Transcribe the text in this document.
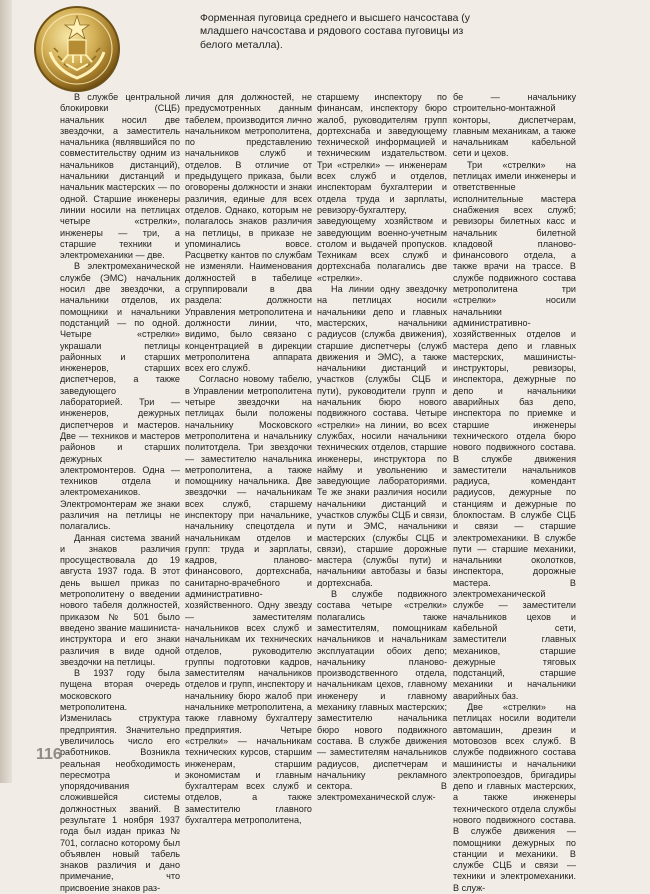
Форменная пуговица среднего и высшего начсостава (у младшего начсостава и рядового состава пуговицы из белого металла).

В службе центральной блокировки (СЦБ) начальник носил две звездочки, а заместитель начальника (являвшийся по совместительству одним из начальников дистанций), начальники дистанций и начальник мастерских — по одной. Старшие инженеры линии носили на петлицах четыре «стрелки», инженеры — три, а старшие техники и электромеханики — две.

В электромеханической службе (ЭМС) начальник носил две звездочки, а начальники отделов, их помощники и начальники подстанций — по одной. Четыре «стрелки» украшали петлицы районных и старших инженеров, старших диспетчеров, а также заведующего лабораторией. Три — инженеров, дежурных диспетчеров и мастеров. Две — техников и мастеров районов и старших дежурных электромонтеров. Одна — техников отдела и электромехаников. Электромонтерам же знаки различия на петлицы не полагались.

Данная система званий и знаков различия просуществовала до 19 августа 1937 года. В этот день вышел приказ по метрополитену о введении нового табеля должностей, приказом № 501 было введено звание машиниста-инструктора и его знаки различия в виде одной звездочки на петлицы.

В 1937 году была пущена вторая очередь московского метрополитена. Изменилась структура предприятия. Значительно увеличилось число его работников. Возникла реальная необходимость пересмотра и упорядочивания сложившейся системы должностных званий. В результате 1 ноября 1937 года был издан приказ № 701, согласно которому был объявлен новый табель знаков различия и дано примечание, что присвоение знаков раз-

личия для должностей, не предусмотренных данным табелем, производится лично начальником метрополитена, по представлению начальников служб и отделов. В отличие от предыдущего приказа, были оговорены должности и знаки различия, единые для всех отделов. Однако, которым не полагалось знаков различия на петлицы, в приказе не упоминались вовсе. Расцветку кантов по службам не изменяли. Наименования должностей в табелице сгруппировали в два раздела: должности Управления метрополитена и должности линии, что, видимо, было связано с концентрацией в дирекции метрополитена аппарата всех его служб.

Согласно новому табелю, в Управлении метрополитена четыре звездочки на петлицах были положены начальнику Московского метрополитена и начальнику политотдела. Три звездочки — заместителю начальника метрополитена, а также помощнику начальника. Две звездочки — начальникам всех служб, старшему инспектору при начальнике, начальнику спецотдела и начальникам отделов и групп: труда и зарплаты, кадров, планово-финансового, дортехснаба, санитарно-врачебного и административно-хозяйственного. Одну звезду — заместителям начальников всех служб и начальникам их технических отделов, руководителю группы подготовки кадров, заместителям начальников отделов и групп, инспектору и начальнику бюро жалоб при начальнике метрополитена, а также главному бухгалтеру предприятия. Четыре «стрелки» — начальникам технических курсов, старшим инженерам, старшим экономистам и главным бухгалтерам всех служб и отделов, а также заместителю главного бухгалтера метрополитена,

старшему инспектору по финансам, инспектору бюро жалоб, руководителям групп дортехснаба и заведующему технической информацией и техническим издательством. Три «стрелки» — инженерам всех служб и отделов, инспекторам бухгалтерии и отдела труда и зарплаты, ревизору-бухгалтеру, заведующему хозяйством и заведующим военно-учетным столом и выдачей пропусков. Техникам всех служб и дортехснаба полагались две «стрелки».

На линии одну звездочку на петлицах носили начальники депо и главных мастерских, начальники радиусов (служба движения), старшие диспетчеры (служб движения и ЭМС), а также начальники дистанций и участков (службы СЦБ и пути), руководители групп и начальник бюро нового подвижного состава. Четыре «стрелки» на линии, во всех службах, носили начальники технических отделов, старшие инженеры, инструктора по найму и увольнению и заведующие лабораториями. Те же знаки различия носили начальники дистанций и участков службы СЦБ и связи, пути и ЭМС, начальники мастерских (службы СЦБ и связи), старшие дорожные мастера (службы пути) и начальники автобазы и базы дортехснаба.

В службе подвижного состава четыре «стрелки» полагались также заместителям, помощникам начальников и начальникам эксплуатации обоих депо; начальнику планово-производственного отдела, начальникам цехов, главному инженеру и главному механику главных мастерских; заместителю начальника бюро нового подвижного состава. В службе движения — заместителям начальников радиусов, диспетчерам и начальнику рекламного сектора. В электромеханической служ-

бе — начальнику строительно-монтажной конторы, диспетчерам, главным механикам, а также начальникам кабельной сети и цехов.

Три «стрелки» на петлицах имели инженеры и ответственные исполнительные мастера снабжения всех служб; ревизоры билетных касс и начальник билетной кладовой планово-финансового отдела, а также врачи на трассе. В службе подвижного состава метрополитена три «стрелки» носили начальники административно-хозяйственных отделов и мастера депо и главных мастерских, машинисты-инструкторы, ревизоры, инспектора, дежурные по депо и начальники аварийных баз депо, инспектора по приемке и старшие инженеры технического отдела бюро нового подвижного состава. В службе движения заместители начальников радиуса, комендант радиусов, дежурные по станциям и дежурные по блокпостам. В службе СЦБ и связи — старшие электромеханики. В службе пути — старшие механики, начальники околотков, инспектора, дорожные мастера. В электромеханической службе — заместители начальников цехов и кабельной сети, заместители главных механиков, старшие дежурные тяговых подстанций, старшие механики и начальники аварийных баз.

Две «стрелки» на петлицах носили водители автомашин, дрезин и мотовозов всех служб. В службе подвижного состава машинисты и начальники электропоездов, бригадиры депо и главных мастерских, а также инженеры технического отдела службы нового подвижного состава. В службе движения — помощники дежурных по станции и механики. В службе СЦБ и связи — техники и электромеханики. В служ-

116
